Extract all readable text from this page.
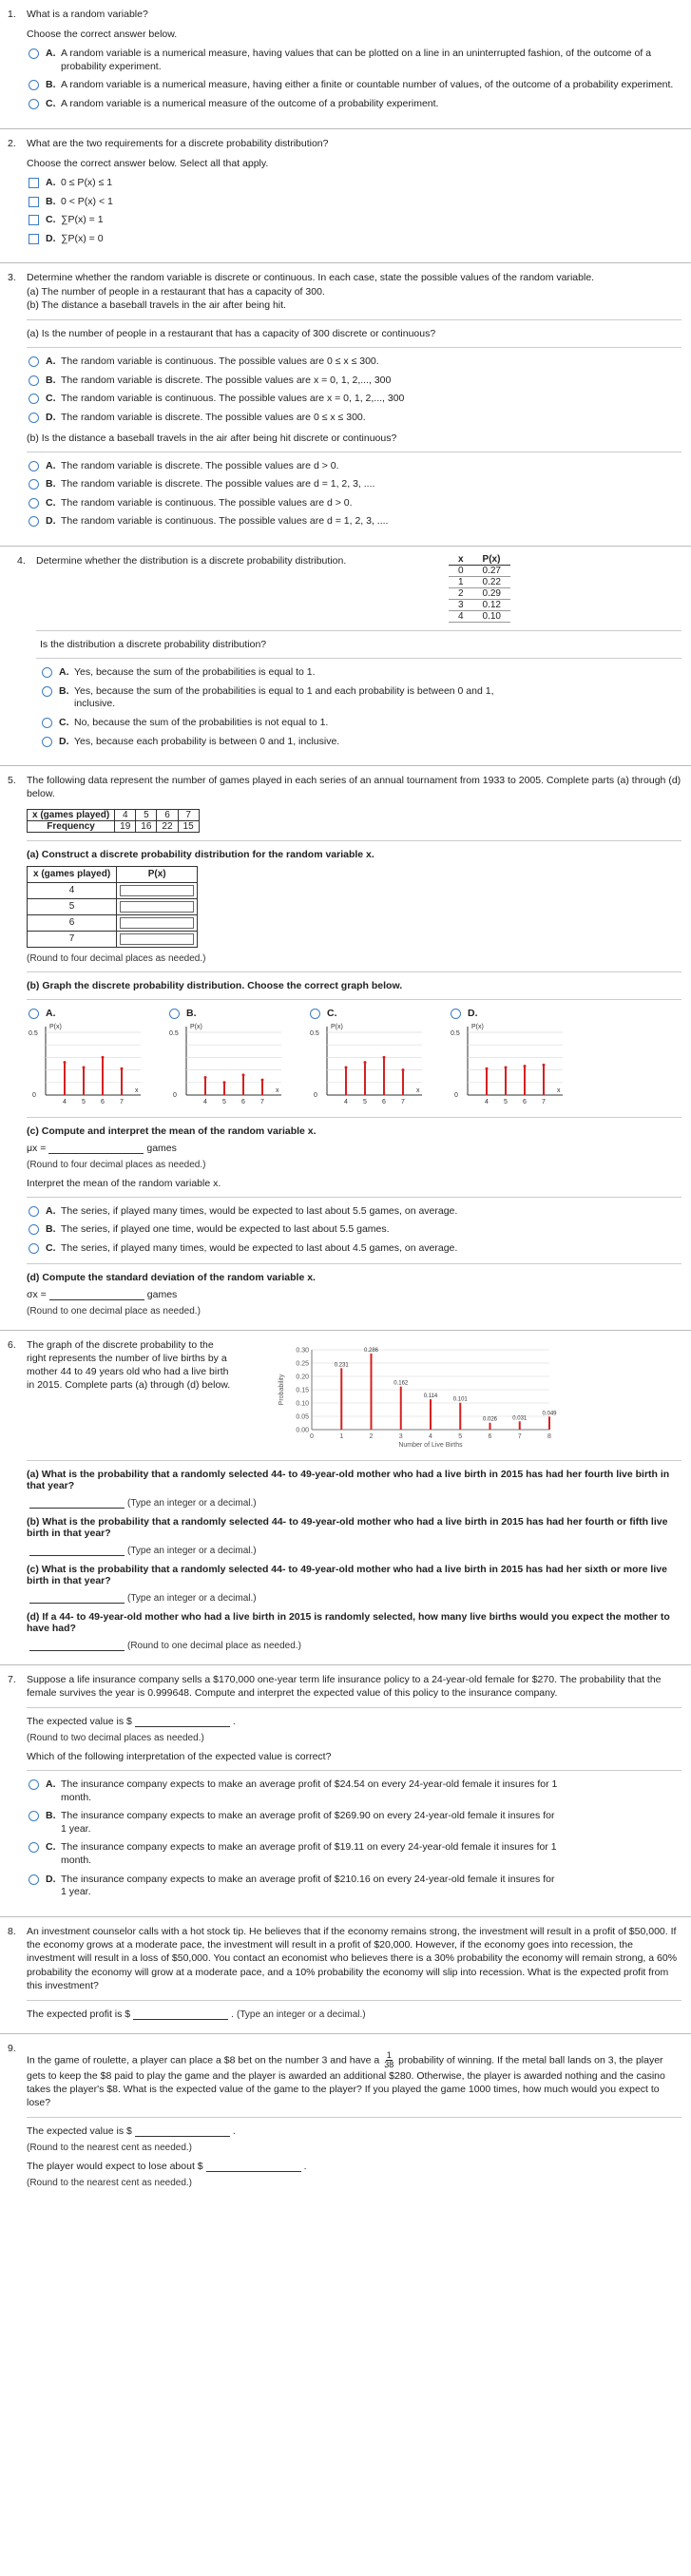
1.	What is a random variable?
Choose the correct answer below.
A. A random variable is a numerical measure, having values that can be plotted on a line in an uninterrupted fashion, of the outcome of a probability experiment.
B. A random variable is a numerical measure, having either a finite or countable number of values, of the outcome of a probability experiment.
C. A random variable is a numerical measure of the outcome of a probability experiment.
2.	What are the two requirements for a discrete probability distribution?
Choose the correct answer below. Select all that apply.
A. 0 ≤ P(x) ≤ 1
B. 0 < P(x) < 1
C. ∑P(x) = 1
D. ∑P(x) = 0
3.	Determine whether the random variable is discrete or continuous. In each case, state the possible values of the random variable.
(a) The number of people in a restaurant that has a capacity of 300.
(b) The distance a baseball travels in the air after being hit.
(a) Is the number of people in a restaurant that has a capacity of 300 discrete or continuous?
A. The random variable is continuous. The possible values are 0 ≤ x ≤ 300.
B. The random variable is discrete. The possible values are x = 0, 1, 2,..., 300
C. The random variable is continuous. The possible values are x = 0, 1, 2,..., 300
D. The random variable is discrete. The possible values are 0 ≤ x ≤ 300.
(b) Is the distance a baseball travels in the air after being hit discrete or continuous?
A. The random variable is discrete. The possible values are d > 0.
B. The random variable is discrete. The possible values are d = 1, 2, 3, ....
C. The random variable is continuous. The possible values are d > 0.
D. The random variable is continuous. The possible values are d = 1, 2, 3, ....
4.	Determine whether the distribution is a discrete probability distribution.	x	P(x)
0	0.27
1	0.22
2	0.29
3	0.12
4	0.10
Is the distribution a discrete probability distribution?
A. Yes, because the sum of the probabilities is equal to 1.
B. Yes, because the sum of the probabilities is equal to 1 and each probability is between 0 and 1, inclusive.
C. No, because the sum of the probabilities is not equal to 1.
D. Yes, because each probability is between 0 and 1, inclusive.
5.	The following data represent the number of games played in each series of an annual tournament from 1933 to 2005. Complete parts (a) through (d) below.
x (games played)	4	5	6	7
Frequency	19	16	22	15
(a) Construct a discrete probability distribution for the random variable x.
x (games played)	P(x)
4	

5	

6	

7	
(Round to four decimal places as needed.)
(b) Graph the discrete probability distribution. Choose the correct graph below.
A.
P(x)
0.5
0
x
4 5 6 7
B.
P(x)
0.5
0
x
4 5 6 7
C.
P(x)
0.5
0
x
4 5 6 7
D.
P(x)
0.5
0
x
4 5 6 7
(c) Compute and interpret the mean of the random variable x.
μx =	games
(Round to four decimal places as needed.)
Interpret the mean of the random variable x.
A. The series, if played many times, would be expected to last about 5.5 games, on average.
B. The series, if played one time, would be expected to last about 5.5 games.
C. The series, if played many times, would be expected to last about 4.5 games, on average.
(d) Compute the standard deviation of the random variable x.
σx =	games
(Round to one decimal place as needed.)
6.	The graph of the discrete probability to the right represents the number of live births by a mother 44 to 49 years old who had a live birth in 2015. Complete parts (a) through (d) below.
0.00
0.05
0.10
0.15
0.20
0.25
0.30
0	1	2	3	4	5	6	7	8
0.231
0.286
0.162
0.114
0.101
0.026	0.031
0.049
Number of Live Births
Probability
(a) What is the probability that a randomly selected 44- to 49-year-old mother who had a live birth in 2015 has had her fourth live birth in that year?
(Type an integer or a decimal.)
(b) What is the probability that a randomly selected 44- to 49-year-old mother who had a live birth in 2015 has had her fourth or fifth live birth in that year?
(Type an integer or a decimal.)
(c) What is the probability that a randomly selected 44- to 49-year-old mother who had a live birth in 2015 has had her sixth or more live birth in that year?
(Type an integer or a decimal.)
(d) If a 44- to 49-year-old mother who had a live birth in 2015 is randomly selected, how many live births would you expect the mother to have had?
(Round to one decimal place as needed.)
7.	Suppose a life insurance company sells a $170,000 one-year term life insurance policy to a 24-year-old female for $270. The probability that the female survives the year is 0.999648. Compute and interpret the expected value of this policy to the insurance company.
The expected value is $	.
(Round to two decimal places as needed.)
Which of the following interpretation of the expected value is correct?
A. The insurance company expects to make an average profit of $24.54 on every 24-year-old female it insures for 1 month.
B. The insurance company expects to make an average profit of $269.90 on every 24-year-old female it insures for 1 year.
C. The insurance company expects to make an average profit of $19.11 on every 24-year-old female it insures for 1 month.
D. The insurance company expects to make an average profit of $210.16 on every 24-year-old female it insures for 1 year.
8.	An investment counselor calls with a hot stock tip. He believes that if the economy remains strong, the investment will result in a profit of $50,000. If the economy grows at a moderate pace, the investment will result in a profit of $20,000. However, if the economy goes into recession, the investment will result in a loss of $50,000. You contact an economist who believes there is a 30% probability the economy will remain strong, a 60% probability the economy will grow at a moderate pace, and a 10% probability the economy will slip into recession. What is the expected profit from this investment?
The expected profit is $	. (Type an integer or a decimal.)
9.
In the game of roulette, a player can place a $8 bet on the number 3 and have a $\frac{1}{38}$ probability of winning. If the metal ball lands on 3, the player gets to keep the $8 paid to play the game and the player is awarded an additional $280. Otherwise, the player is awarded nothing and the casino takes the player's $8. What is the expected value of the game to the player? If you played the game 1000 times, how much would you expect to lose?
The expected value is $	.
(Round to the nearest cent as needed.)
The player would expect to lose about $	.
(Round to the nearest cent as needed.)
